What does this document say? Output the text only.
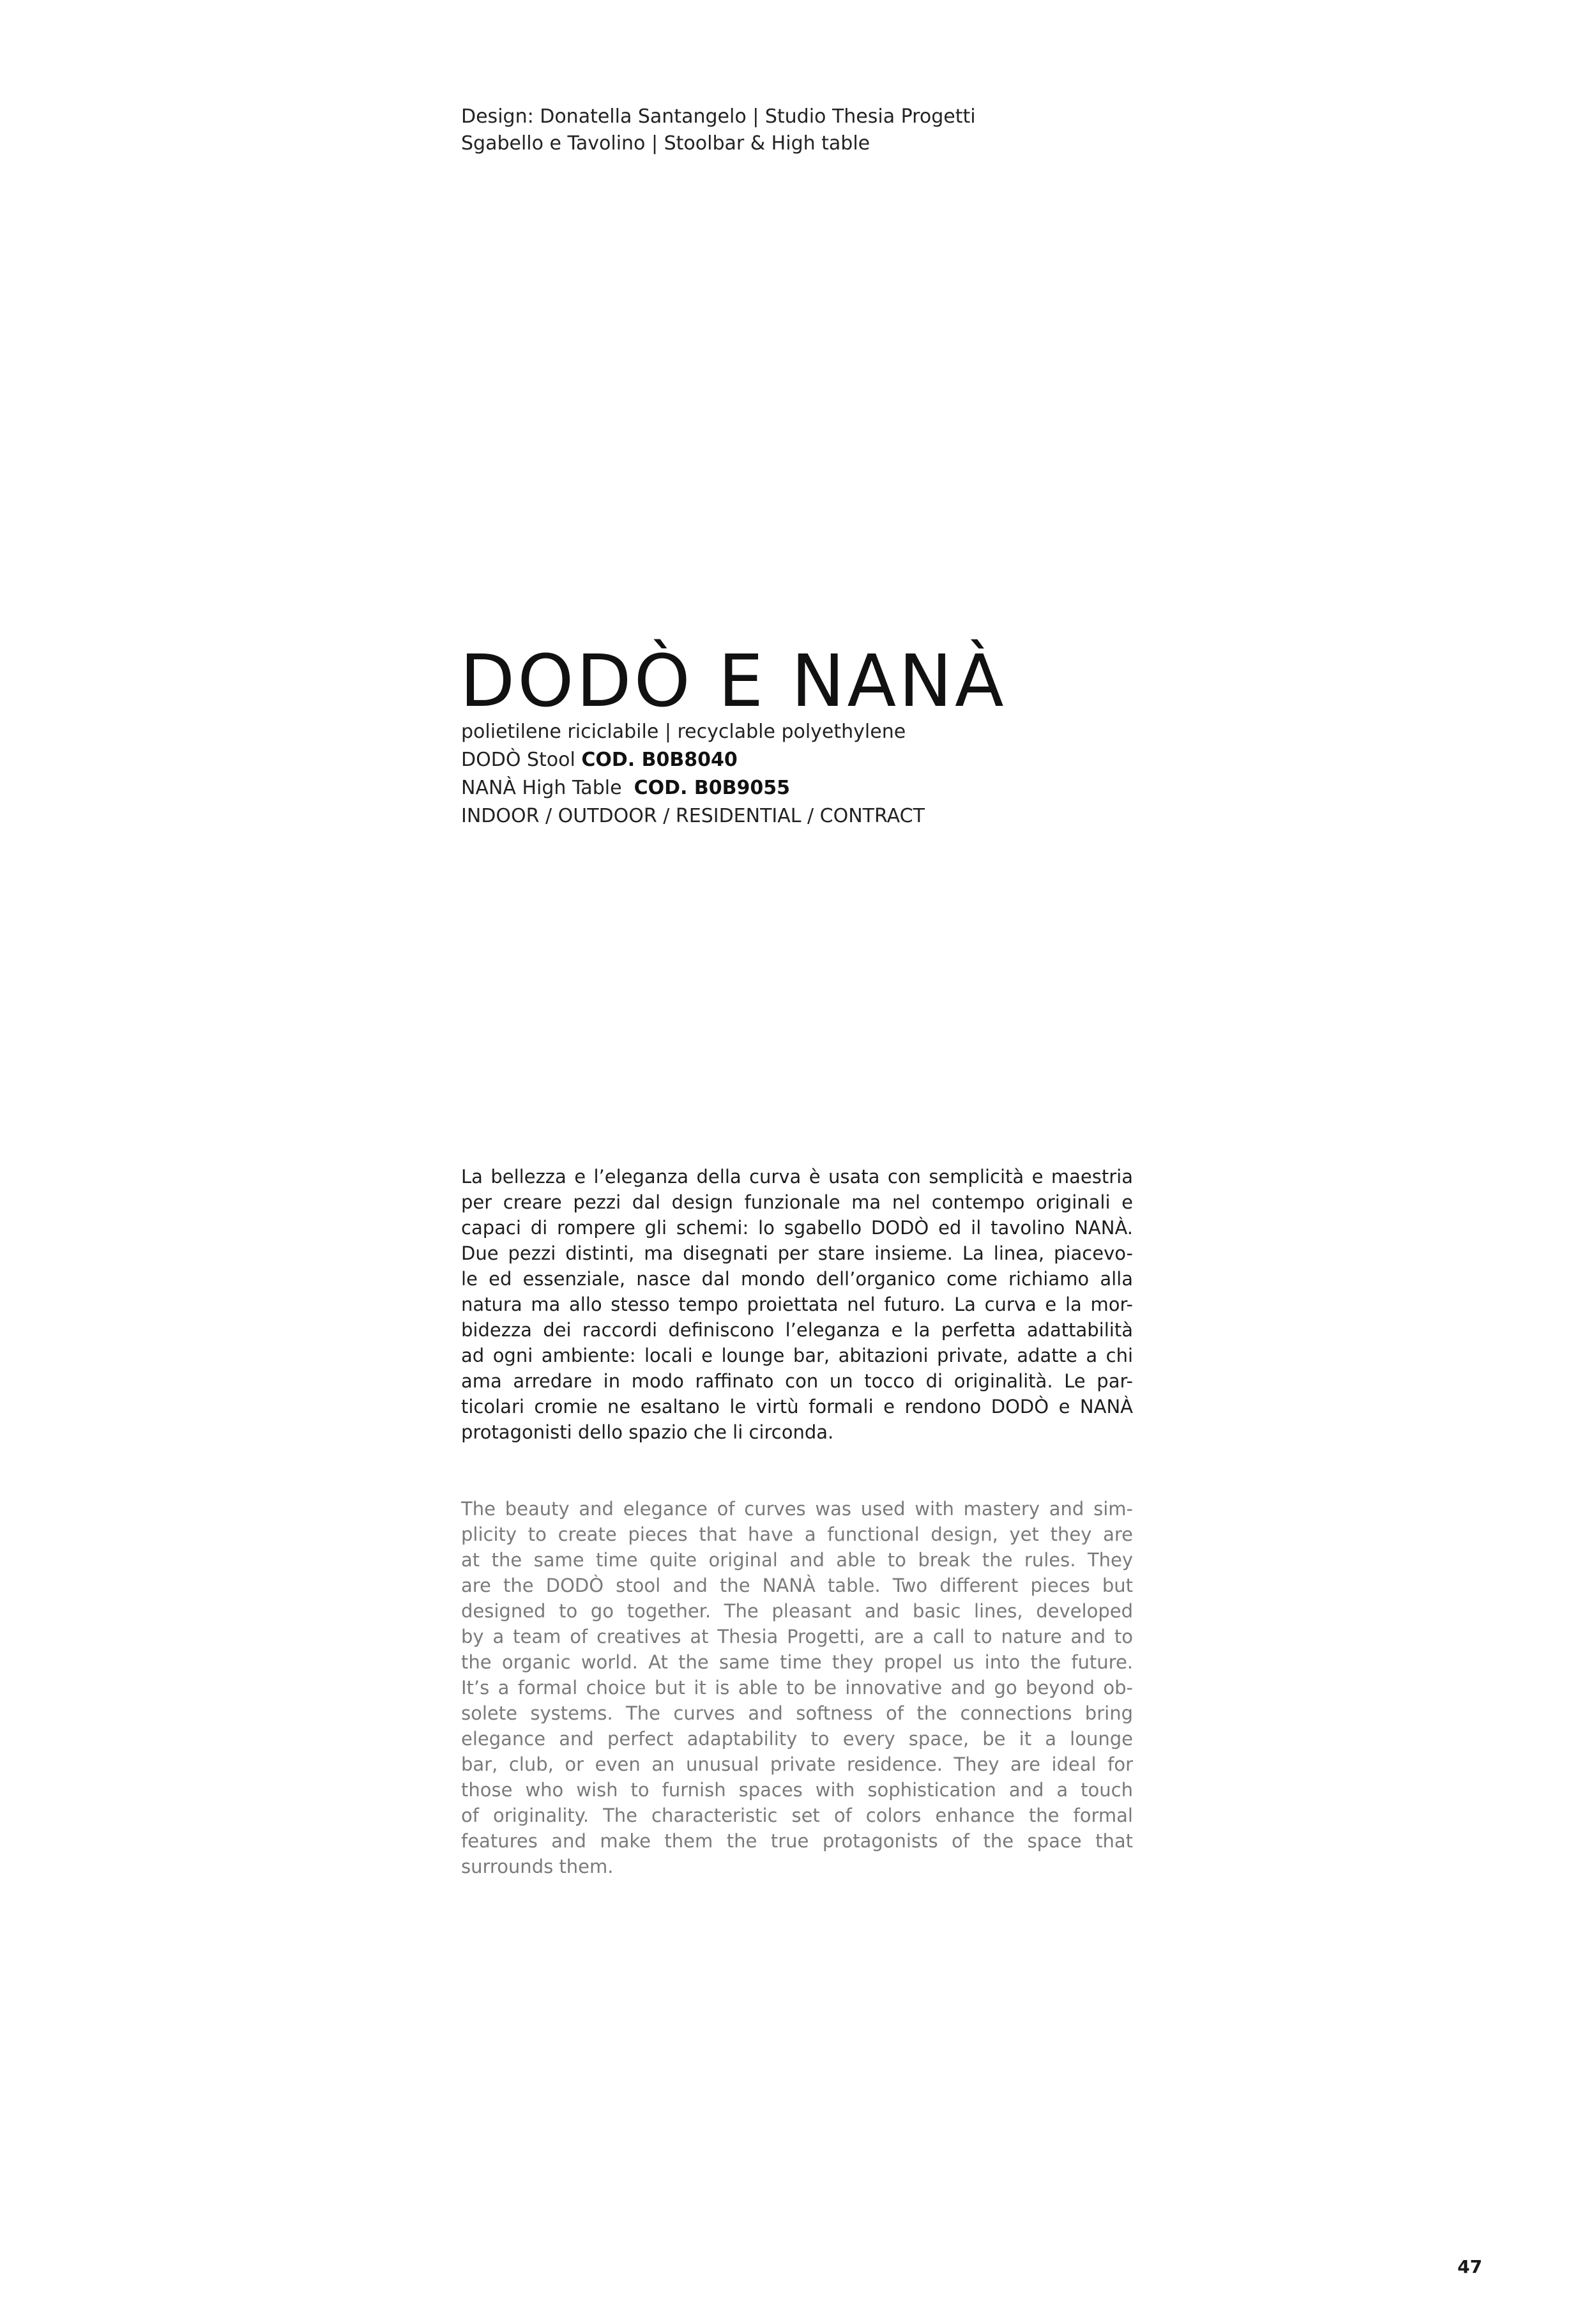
Design: Donatella Santangelo | Studio Thesia Progetti
Sgabello e Tavolino | Stoolbar & High table
DODÒ E NANÀ
polietilene riciclabile | recyclable polyethylene
DODÒ Stool COD. B0B8040
NANÀ High Table COD. B0B9055
INDOOR / OUTDOOR / RESIDENTIAL / CONTRACT

La bellezza e l’eleganza della curva è usata con semplicità e maestria
per creare pezzi dal design funzionale ma nel contempo originali e
capaci di rompere gli schemi: lo sgabello DODÒ ed il tavolino NANÀ.
Due pezzi distinti, ma disegnati per stare insieme. La linea, piacevo-
le ed essenziale, nasce dal mondo dell’organico come richiamo alla
natura ma allo stesso tempo proiettata nel futuro. La curva e la mor-
bidezza dei raccordi definiscono l’eleganza e la perfetta adattabilità
ad ogni ambiente: locali e lounge bar, abitazioni private, adatte a chi
ama arredare in modo raffinato con un tocco di originalità. Le par-
ticolari cromie ne esaltano le virtù formali e rendono DODÒ e NANÀ
protagonisti dello spazio che li circonda.

The beauty and elegance of curves was used with mastery and sim-
plicity to create pieces that have a functional design, yet they are
at the same time quite original and able to break the rules. They
are the DODÒ stool and the NANÀ table. Two different pieces but
designed to go together. The pleasant and basic lines, developed
by a team of creatives at Thesia Progetti, are a call to nature and to
the organic world. At the same time they propel us into the future.
It’s a formal choice but it is able to be innovative and go beyond ob-
solete systems. The curves and softness of the connections bring
elegance and perfect adaptability to every space, be it a lounge
bar, club, or even an unusual private residence. They are ideal for
those who wish to furnish spaces with sophistication and a touch
of originality. The characteristic set of colors enhance the formal
features and make them the true protagonists of the space that
surrounds them.

47
